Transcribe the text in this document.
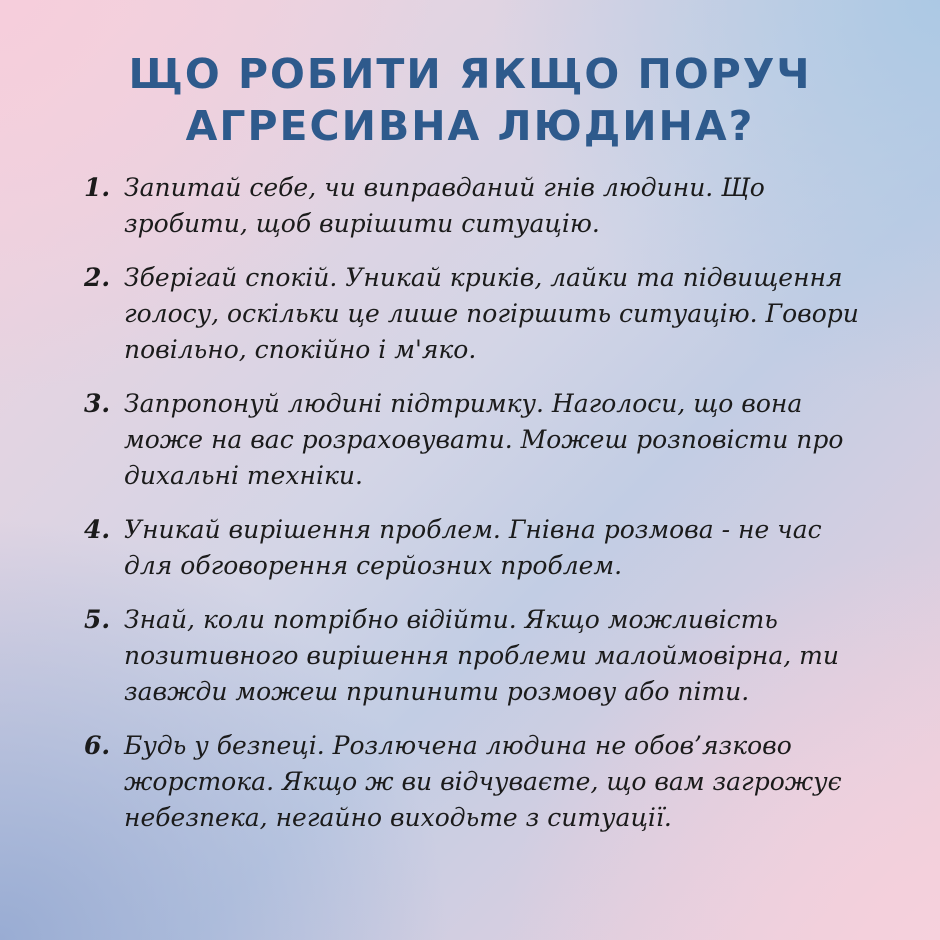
ЩО РОБИТИ ЯКЩО ПОРУЧ
АГРЕСИВНА ЛЮДИНА?
1. Запитай себе, чи виправданий гнів людини. Що зробити, щоб вирішити ситуацію.
2. Зберігай спокій. Уникай криків, лайки та підвищення голосу, оскільки це лише погіршить ситуацію. Говори повільно, спокійно і м'яко.
3. Запропонуй людині підтримку. Наголоси, що вона може на вас розраховувати. Можеш розповісти про дихальні техніки.
4. Уникай вирішення проблем. Гнівна розмова - не час для обговорення серйозних проблем.
5. Знай, коли потрібно відійти. Якщо можливість позитивного вирішення проблеми малоймовірна, ти завжди можеш припинити розмову або піти.
6. Будь у безпеці. Розлючена людина не обов’язково жорстока. Якщо ж ви відчуваєте, що вам загрожує небезпека, негайно виходьте з ситуації.
